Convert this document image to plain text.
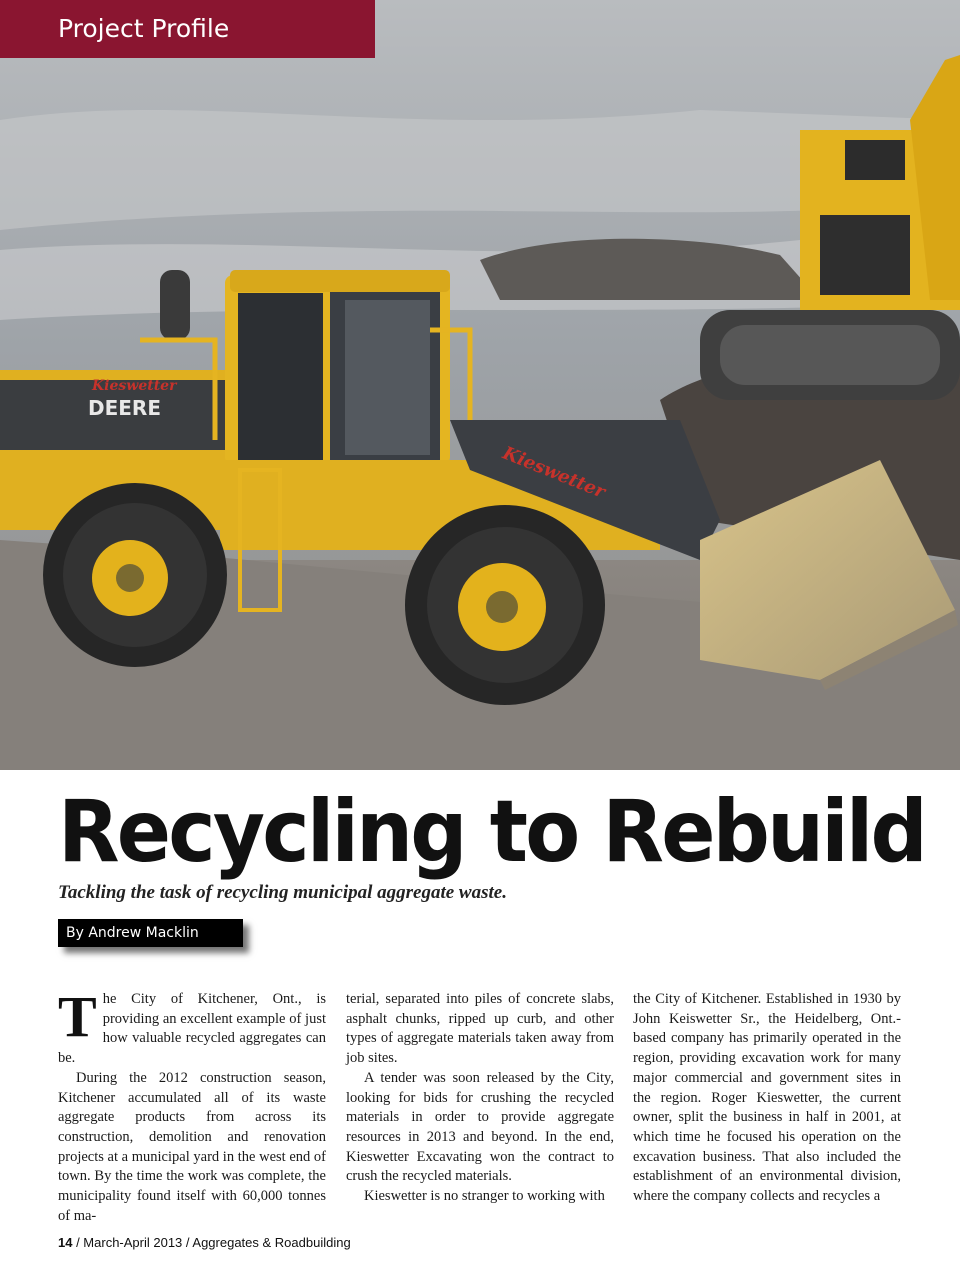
DEERE
Kieswetter
Kieswetter
Project Profile
Recycling to Rebuild
Tackling the task of recycling municipal aggregate waste.
By Andrew Macklin

The City of Kitchener, Ont., is providing an excellent example of just how valuable recycled aggregates can be.

During the 2012 construction season, Kitchener accumulated all of its waste aggregate products from across its construction, demolition and renovation projects at a municipal yard in the west end of town. By the time the work was complete, the municipality found itself with 60,000 tonnes of ma-

terial, separated into piles of concrete slabs, asphalt chunks, ripped up curb, and other types of aggregate materials taken away from job sites.

A tender was soon released by the City, looking for bids for crushing the recycled materials in order to provide aggregate resources in 2013 and beyond. In the end, Kieswetter Excavating won the contract to crush the recycled materials.

Kieswetter is no stranger to working with

the City of Kitchener. Established in 1930 by John Keiswetter Sr., the Heidelberg, Ont.-based company has primarily operated in the region, providing excavation work for many major commercial and government sites in the region. Roger Kieswetter, the current owner, split the business in half in 2001, at which time he focused his operation on the excavation business. That also included the establishment of an environmental division, where the company collects and recycles a

14 / March-April 2013 / Aggregates & Roadbuilding
